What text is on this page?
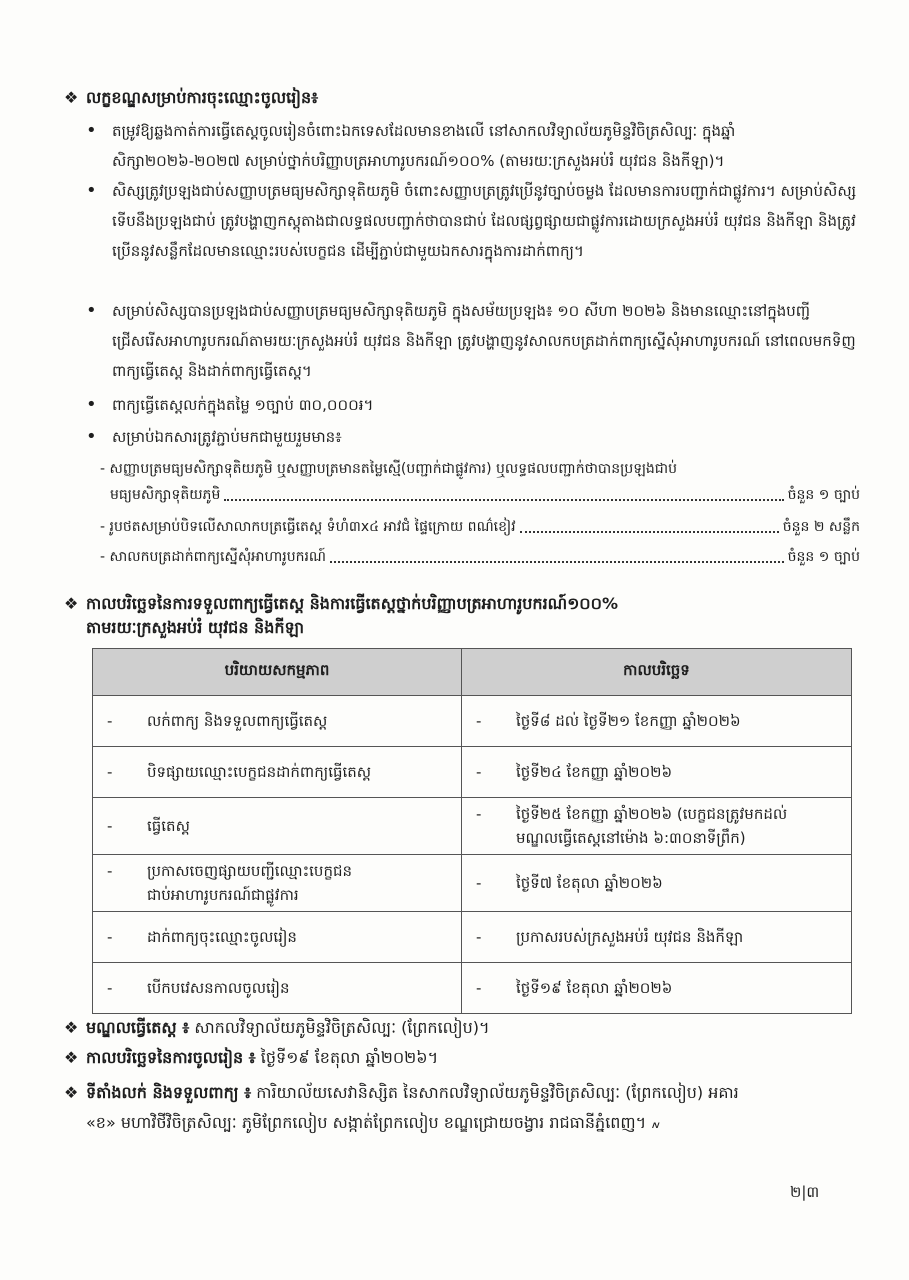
❖ លក្ខខណ្ឌសម្រាប់ការចុះឈ្មោះចូលរៀន៖
• តម្រូវឱ្យឆ្លងកាត់ការធ្វើតេស្តចូលរៀនចំពោះឯកទេសដែលមានខាងលើ នៅសាកលវិទ្យាល័យភូមិន្ទវិចិត្រសិល្បៈ ក្នុងឆ្នាំសិក្សា២០២៦-២០២៧ សម្រាប់ថ្នាក់បរិញ្ញាបត្រអាហារូបករណ៍១០០% (តាមរយៈក្រសួងអប់រំ យុវជន និងកីឡា)។
• សិស្សត្រូវប្រឡងជាប់សញ្ញាបត្រមធ្យមសិក្សាទុតិយភូមិ ចំពោះសញ្ញាបត្រត្រូវប្រើនូវច្បាប់ចម្លង ដែលមានការបញ្ជាក់ជាផ្លូវការ។ សម្រាប់សិស្សទើបនឹងប្រឡងជាប់ ត្រូវបង្ហាញកស្តុតាងជាលទ្ធផលបញ្ជាក់ថាបានជាប់ ដែលផ្សព្វផ្សាយជាផ្លូវការដោយក្រសួងអប់រំ យុវជន និងកីឡា និងត្រូវប្រើននូវសន្លឹកដែលមានឈ្មោះរបស់បេក្ខជន ដើម្បីភ្ជាប់ជាមួយឯកសារក្នុងការដាក់ពាក្យ។
• សម្រាប់សិស្សបានប្រឡងជាប់សញ្ញាបត្រមធ្យមសិក្សាទុតិយភូមិ ក្នុងសម័យប្រឡង៖ ១០ សីហា ២០២៦ និងមានឈ្មោះនៅក្នុងបញ្ជីជ្រើសរើសអាហារូបករណ៍តាមរយៈក្រសួងអប់រំ យុវជន និងកីឡា ត្រូវបង្ហាញនូវសាលកបត្រដាក់ពាក្យស្នើសុំអាហារូបករណ៍ នៅពេលមកទិញពាក្យធ្វើតេស្ត និងដាក់ពាក្យធ្វើតេស្ត។
• ពាក្យធ្វើតេស្តលក់ក្នុងតម្លៃ ១ច្បាប់ ៣០,០០០៛។
• សម្រាប់ឯកសារត្រូវភ្ជាប់មកជាមួយរួមមាន៖
- សញ្ញាបត្រមធ្យមសិក្សាទុតិយភូមិ ឬសញ្ញាបត្រមានតម្លៃស្មើ(បញ្ជាក់ជាផ្លូវការ) ឬលទ្ធផលបញ្ជាក់ថាបានប្រឡងជាប់
មធ្យមសិក្សាទុតិយភូមិ	ចំនួន ១ ច្បាប់
- រូបថតសម្រាប់បិទលើសាលាកបត្រធ្វើតេស្ត ទំហំ៣x៤ អាវជំ ផ្ទៃក្រោយ ពណ៌ខៀវ	ចំនួន ២ សន្លឹក
- សាលកបត្រដាក់ពាក្យស្នើសុំអាហារូបករណ៍	ចំនួន ១ ច្បាប់
❖ កាលបរិច្ឆេទនៃការទទួលពាក្យធ្វើតេស្ត និងការធ្វើតេស្តថ្នាក់បរិញ្ញាបត្រអាហារូបករណ៍១០០%
តាមរយៈក្រសួងអប់រំ យុវជន និងកីឡា
បរិយាយសកម្មភាព	កាលបរិច្ឆេទ
- លក់ពាក្យ និងទទួលពាក្យធ្វើតេស្ត	- ថ្ងៃទី៨ ដល់ ថ្ងៃទី២១ ខែកញ្ញា ឆ្នាំ២០២៦
- បិទផ្សាយឈ្មោះបេក្ខជនដាក់ពាក្យធ្វើតេស្ត	- ថ្ងៃទី២៤ ខែកញ្ញា ឆ្នាំ២០២៦
- ធ្វើតេស្ត	- ថ្ងៃទី២៥ ខែកញ្ញា ឆ្នាំ២០២៦ (បេក្ខជនត្រូវមកដល់
មណ្ឌលធ្វើតេស្តនៅម៉ោង ៦:៣០នាទីព្រឹក)
- ប្រកាសចេញផ្សាយបញ្ជីឈ្មោះបេក្ខជន
ជាប់អាហារូបករណ៍ជាផ្លូវការ	- ថ្ងៃទី៧ ខែតុលា ឆ្នាំ២០២៦
- ដាក់ពាក្យចុះឈ្មោះចូលរៀន	- ប្រកាសរបស់ក្រសួងអប់រំ យុវជន និងកីឡា
- បើកបវេសនកាលចូលរៀន	- ថ្ងៃទី១៩ ខែតុលា ឆ្នាំ២០២៦
❖ មណ្ឌលធ្វើតេស្ត ៖ សាកលវិទ្យាល័យភូមិន្ទវិចិត្រសិល្បៈ (ព្រែកលៀប)។
❖ កាលបរិច្ឆេទនៃការចូលរៀន ៖ ថ្ងៃទី១៩ ខែតុលា ឆ្នាំ២០២៦។
❖ ទីតាំងលក់ និងទទួលពាក្យ ៖ ការិយាល័យសេវានិស្សិត នៃសាកលវិទ្យាល័យភូមិន្ទវិចិត្រសិល្បៈ (ព្រែកលៀប) អគារ
«ខ» មហាវិថីវិចិត្រសិល្បៈ ភូមិព្រែកលៀប សង្កាត់ព្រែកលៀប ខណ្ឌជ្រោយចង្វារ រាជធានីភ្នំពេញ។ ៷
២|៣
